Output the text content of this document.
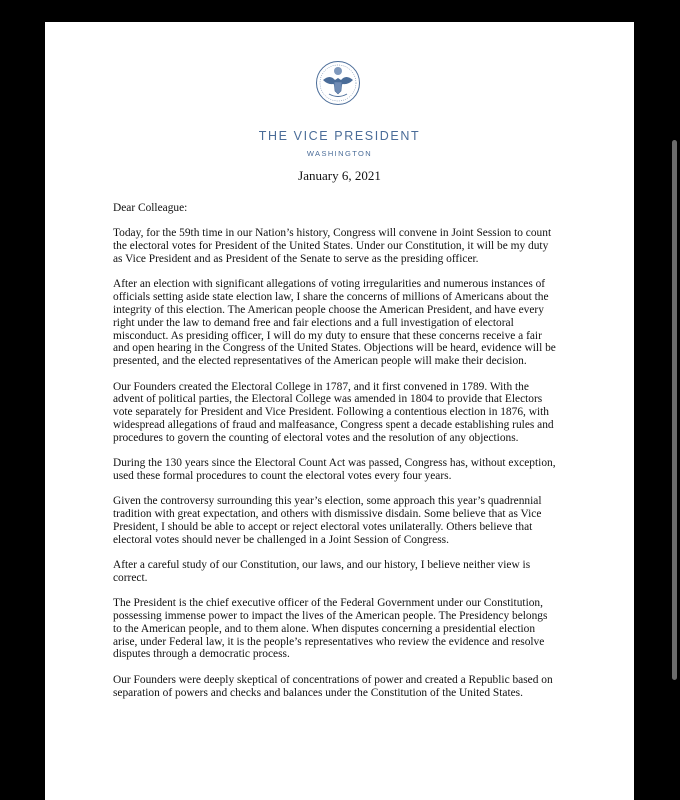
THE VICE PRESIDENT
WASHINGTON
January 6, 2021

Dear Colleague:

Today, for the 59th time in our Nation’s history, Congress will convene in Joint Session to count the electoral votes for President of the United States. Under our Constitution, it will be my duty as Vice President and as President of the Senate to serve as the presiding officer.

After an election with significant allegations of voting irregularities and numerous instances of officials setting aside state election law, I share the concerns of millions of Americans about the integrity of this election. The American people choose the American President, and have every right under the law to demand free and fair elections and a full investigation of electoral misconduct. As presiding officer, I will do my duty to ensure that these concerns receive a fair and open hearing in the Congress of the United States. Objections will be heard, evidence will be presented, and the elected representatives of the American people will make their decision.

Our Founders created the Electoral College in 1787, and it first convened in 1789. With the advent of political parties, the Electoral College was amended in 1804 to provide that Electors vote separately for President and Vice President. Following a contentious election in 1876, with widespread allegations of fraud and malfeasance, Congress spent a decade establishing rules and procedures to govern the counting of electoral votes and the resolution of any objections.

During the 130 years since the Electoral Count Act was passed, Congress has, without exception, used these formal procedures to count the electoral votes every four years.

Given the controversy surrounding this year’s election, some approach this year’s quadrennial tradition with great expectation, and others with dismissive disdain. Some believe that as Vice President, I should be able to accept or reject electoral votes unilaterally. Others believe that electoral votes should never be challenged in a Joint Session of Congress.

After a careful study of our Constitution, our laws, and our history, I believe neither view is correct.

The President is the chief executive officer of the Federal Government under our Constitution, possessing immense power to impact the lives of the American people. The Presidency belongs to the American people, and to them alone. When disputes concerning a presidential election arise, under Federal law, it is the people’s representatives who review the evidence and resolve disputes through a democratic process.

Our Founders were deeply skeptical of concentrations of power and created a Republic based on separation of powers and checks and balances under the Constitution of the United States.
